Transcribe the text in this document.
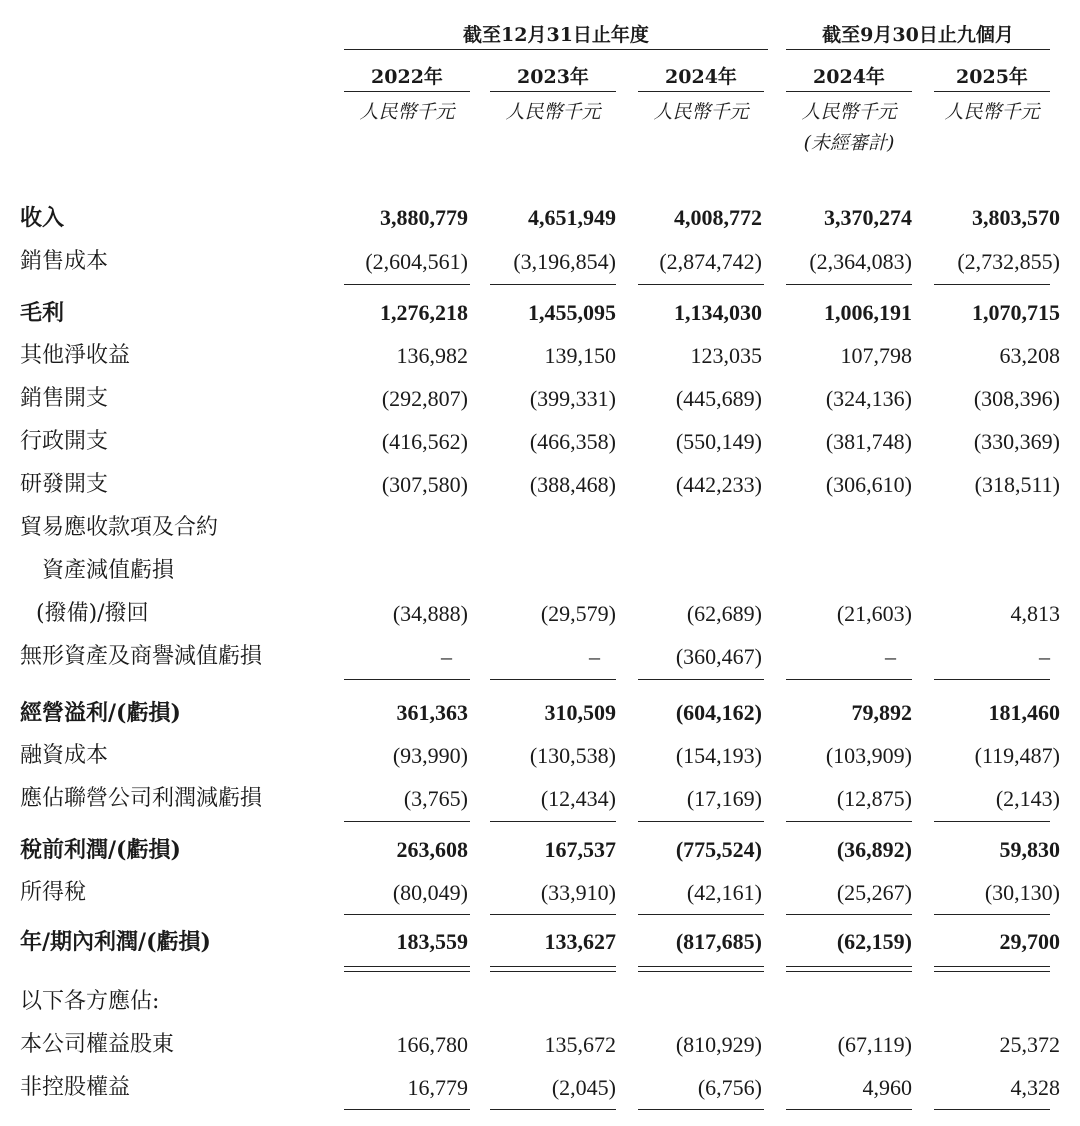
截至12月31日止年度	截至9月30日止九個月
2022年	2023年	2024年	2024年	2025年
人民幣千元	人民幣千元	人民幣千元	人民幣千元	人民幣千元
(未經審計)
收入 .....	3,880,779	4,651,949	4,008,772	3,370,274	3,803,570
銷售成本 .....	(2,604,561) (3,196,854) (2,874,742) (2,364,083) (2,732,855)
毛利 .....	1,276,218	1,455,095	1,134,030	1,006,191	1,070,715
其他淨收益 .....	136,982	139,150	123,035	107,798	63,208
銷售開支 .....	(292,807)	(399,331)	(445,689)	(324,136)	(308,396)
行政開支 .....	(416,562)	(466,358)	(550,149)	(381,748)	(330,369)
研發開支 .....	(307,580)	(388,468)	(442,233)	(306,610)	(318,511)
貿易應收款項及合約
資產減值虧損
(撥備)/撥回 .....	(34,888)	(29,579)	(62,689)	(21,603)	4,813
無形資產及商譽減值虧損 .....	–	–	(360,467)	–	–
經營溢利/(虧損) .....	361,363	310,509	(604,162)	79,892	181,460
融資成本 .....	(93,990)	(130,538)	(154,193)	(103,909)	(119,487)
應佔聯營公司利潤減虧損 .....	(3,765)	(12,434)	(17,169)	(12,875)	(2,143)
稅前利潤/(虧損) .....	263,608	167,537	(775,524)	(36,892)	59,830
所得稅 .....	(80,049)	(33,910)	(42,161)	(25,267)	(30,130)
年/期內利潤/(虧損) .....	183,559	133,627	(817,685)	(62,159)	29,700
以下各方應佔:
本公司權益股東 .....	166,780	135,672	(810,929)	(67,119)	25,372
非控股權益 .....	16,779	(2,045)	(6,756)	4,960	4,328
